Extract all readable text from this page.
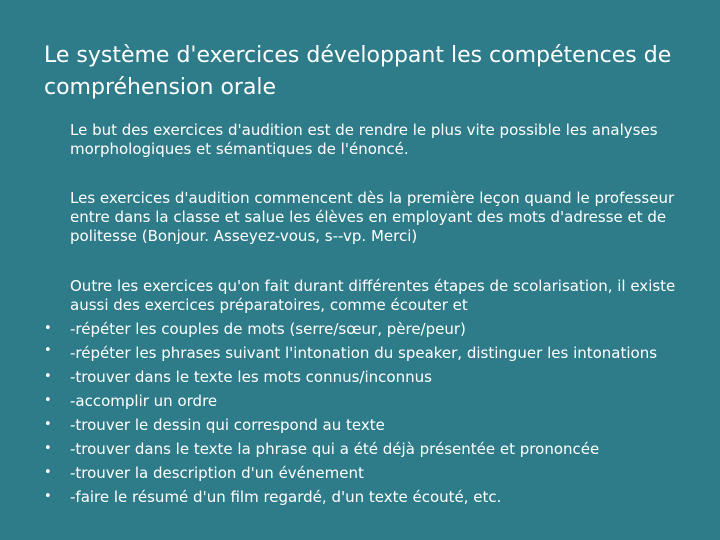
Le système d'exercices développant les compétences de compréhension orale

Le but des exercices d'audition est de rendre le plus vite possible les analyses morphologiques et sémantiques de l'énoncé.

Les exercices d'audition commencent dès la première leçon quand le professeur entre dans la classe et salue les élèves en employant des mots d'adresse et de politesse (Bonjour. Asseyez-vous, s--vp. Merci)

Outre les exercices qu'on fait durant différentes étapes de scolarisation, il existe aussi des exercices préparatoires, comme écouter et

• -répéter les couples de mots (serre/sœur, père/peur)
• -répéter les phrases suivant l'intonation du speaker, distinguer les intonations
• -trouver dans le texte les mots connus/inconnus
• -accomplir un ordre
• -trouver le dessin qui correspond au texte
• -trouver dans le texte la phrase qui a été déjà présentée et prononcée
• -trouver la description d'un événement
• -faire le résumé d'un film regardé, d'un texte écouté, etc.
